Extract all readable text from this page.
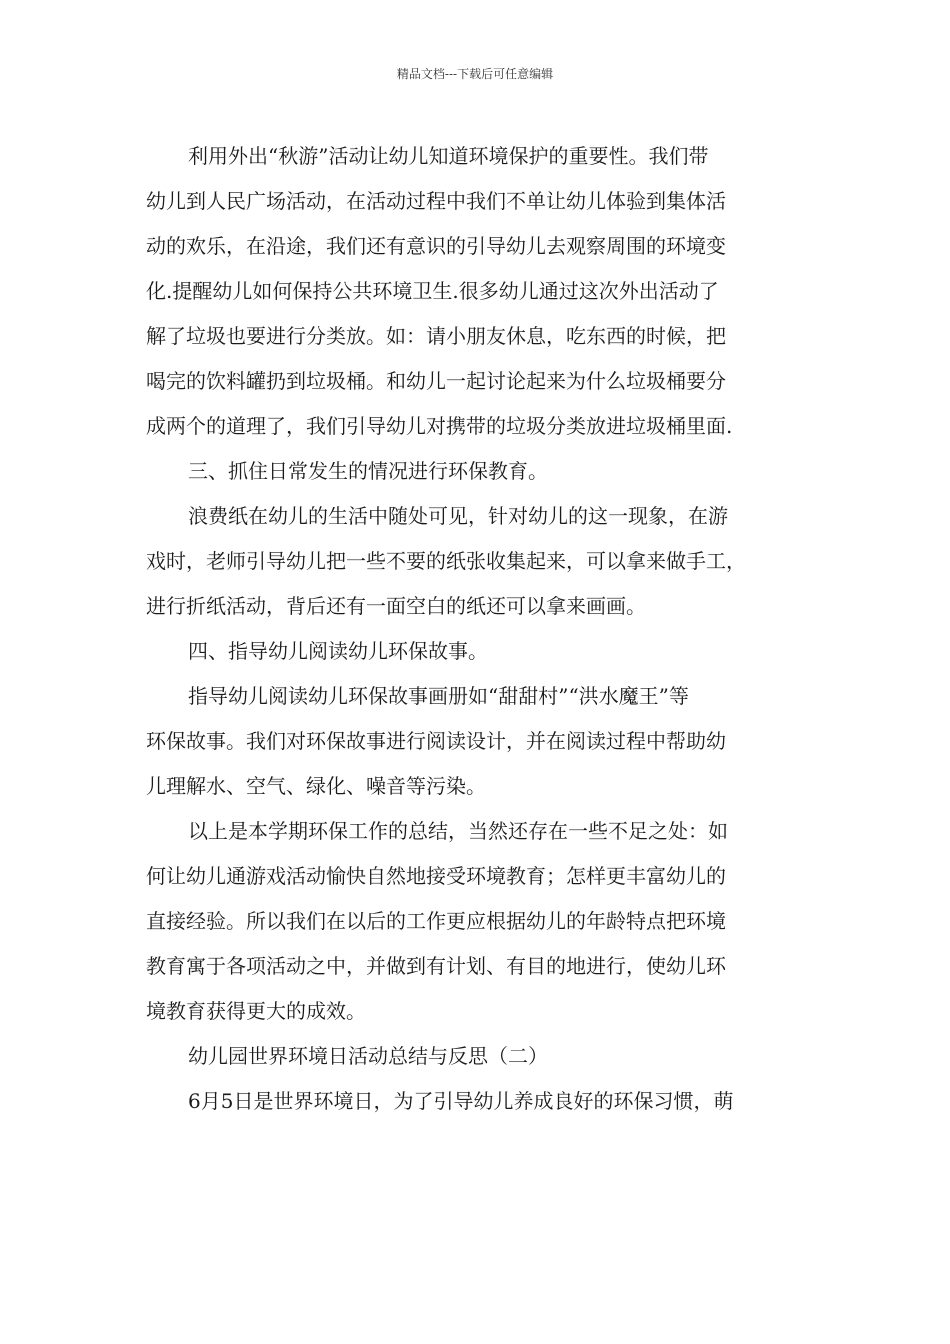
精品文档---下载后可任意编辑
利用外出“秋游”活动让幼儿知道环境保护的重要性。我们带
幼儿到人民广场活动，在活动过程中我们不单让幼儿体验到集体活
动的欢乐，在沿途，我们还有意识的引导幼儿去观察周围的环境变
化.提醒幼儿如何保持公共环境卫生.很多幼儿通过这次外出活动了
解了垃圾也要进行分类放。如：请小朋友休息，吃东西的时候，把
喝完的饮料罐扔到垃圾桶。和幼儿一起讨论起来为什么垃圾桶要分
成两个的道理了，我们引导幼儿对携带的垃圾分类放进垃圾桶里面.
三、抓住日常发生的情况进行环保教育。
浪费纸在幼儿的生活中随处可见，针对幼儿的这一现象，在游
戏时，老师引导幼儿把一些不要的纸张收集起来，可以拿来做手工，
进行折纸活动，背后还有一面空白的纸还可以拿来画画。
四、指导幼儿阅读幼儿环保故事。
指导幼儿阅读幼儿环保故事画册如“甜甜村”“洪水魔王”等
环保故事。我们对环保故事进行阅读设计，并在阅读过程中帮助幼
儿理解水、空气、绿化、噪音等污染。
以上是本学期环保工作的总结，当然还存在一些不足之处：如
何让幼儿通游戏活动愉快自然地接受环境教育；怎样更丰富幼儿的
直接经验。所以我们在以后的工作更应根据幼儿的年龄特点把环境
教育寓于各项活动之中，并做到有计划、有目的地进行，使幼儿环
境教育获得更大的成效。
幼儿园世界环境日活动总结与反思（二）
6月5日是世界环境日，为了引导幼儿养成良好的环保习惯，萌
